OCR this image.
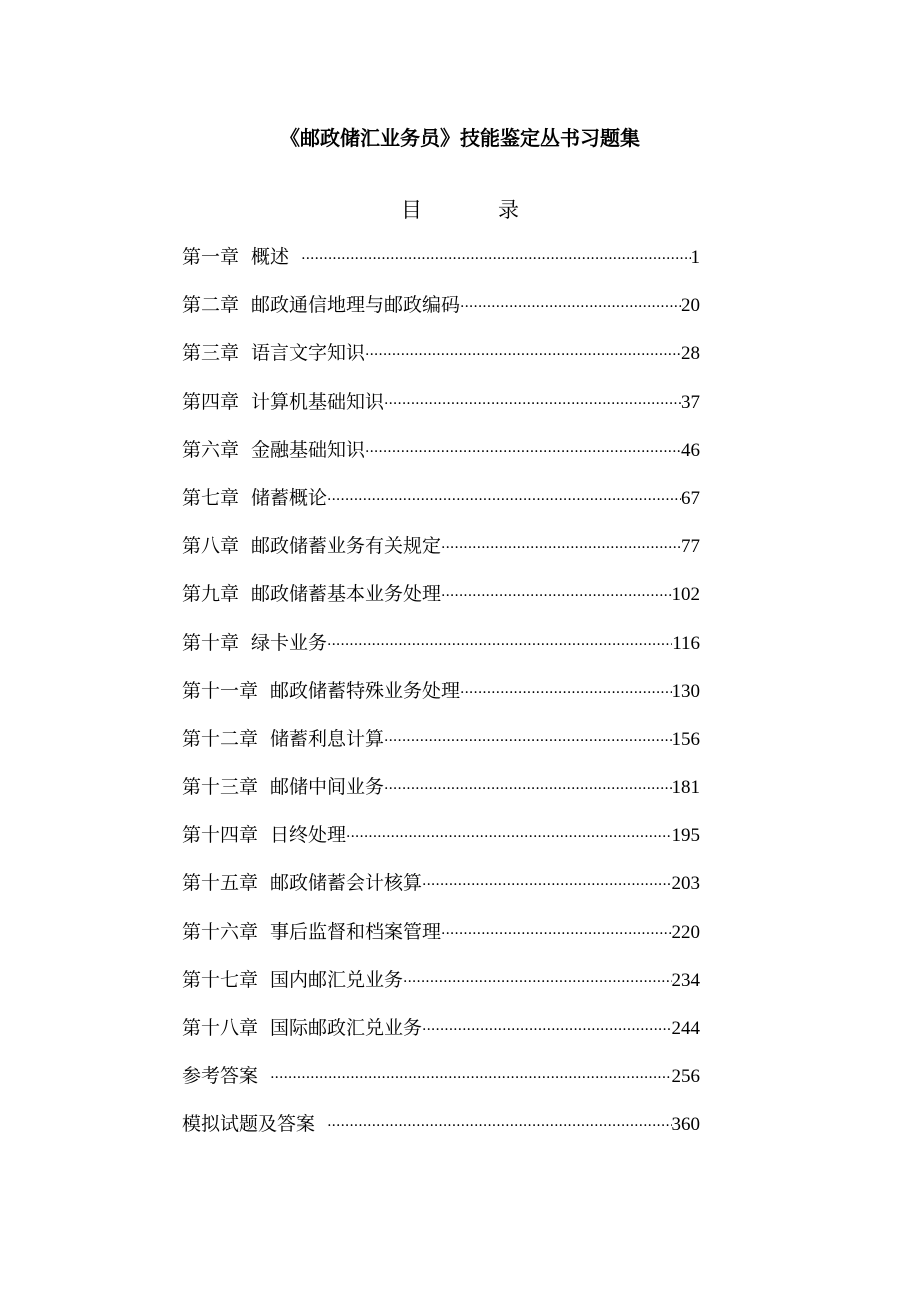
《邮政储汇业务员》技能鉴定丛书习题集
目	录
第一章 概述 ·····	1
第二章 邮政通信地理与邮政编码 ·····	20
第三章 语言文字知识 ·····	28
第四章 计算机基础知识 ·····	37
第六章 金融基础知识 ·····	46
第七章 储蓄概论 ·····	67
第八章 邮政储蓄业务有关规定 ·····	77
第九章 邮政储蓄基本业务处理 ·····	102
第十章 绿卡业务 ·····	116
第十一章 邮政储蓄特殊业务处理 ·····	130
第十二章 储蓄利息计算 ·····	156
第十三章 邮储中间业务 ·····	181
第十四章 日终处理 ·····	195
第十五章 邮政储蓄会计核算 ·····	203
第十六章 事后监督和档案管理 ·····	220
第十七章 国内邮汇兑业务 ·····	234
第十八章 国际邮政汇兑业务 ·····	244
参考答案 ·····	256
模拟试题及答案 ·····	360
